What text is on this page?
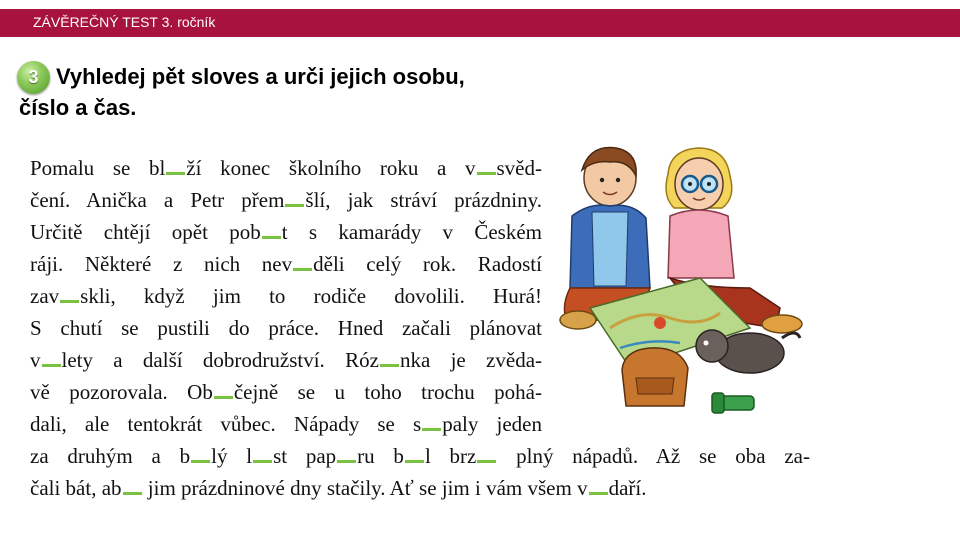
ZÁVĚREČNÝ TEST 3. ročník
3 Vyhledej pět sloves a urči jejich osobu,
číslo a čas.
Pomalu se bl ží konec školního roku a v svěd-
čení. Anička a Petr přem šlí, jak stráví prázdniny.
Určitě chtějí opět pob t s kamarády v Českém
ráji. Některé z nich nev děli celý rok. Radostí
zav skli, když jim to rodiče dovolili. Hurá!
S chutí se pustili do práce. Hned začali plánovat
v lety a další dobrodružství. Róz nka je zvěda-
vě pozorovala. Ob čejně se u toho trochu pohá-
dali, ale tentokrát vůbec. Nápady se s paly jeden
za druhým a b lý l st pap ru b l brz plný nápadů. Až se oba za-
čali bát, ab jim prázdninové dny stačily. Ať se jim i vám všem v daří.
